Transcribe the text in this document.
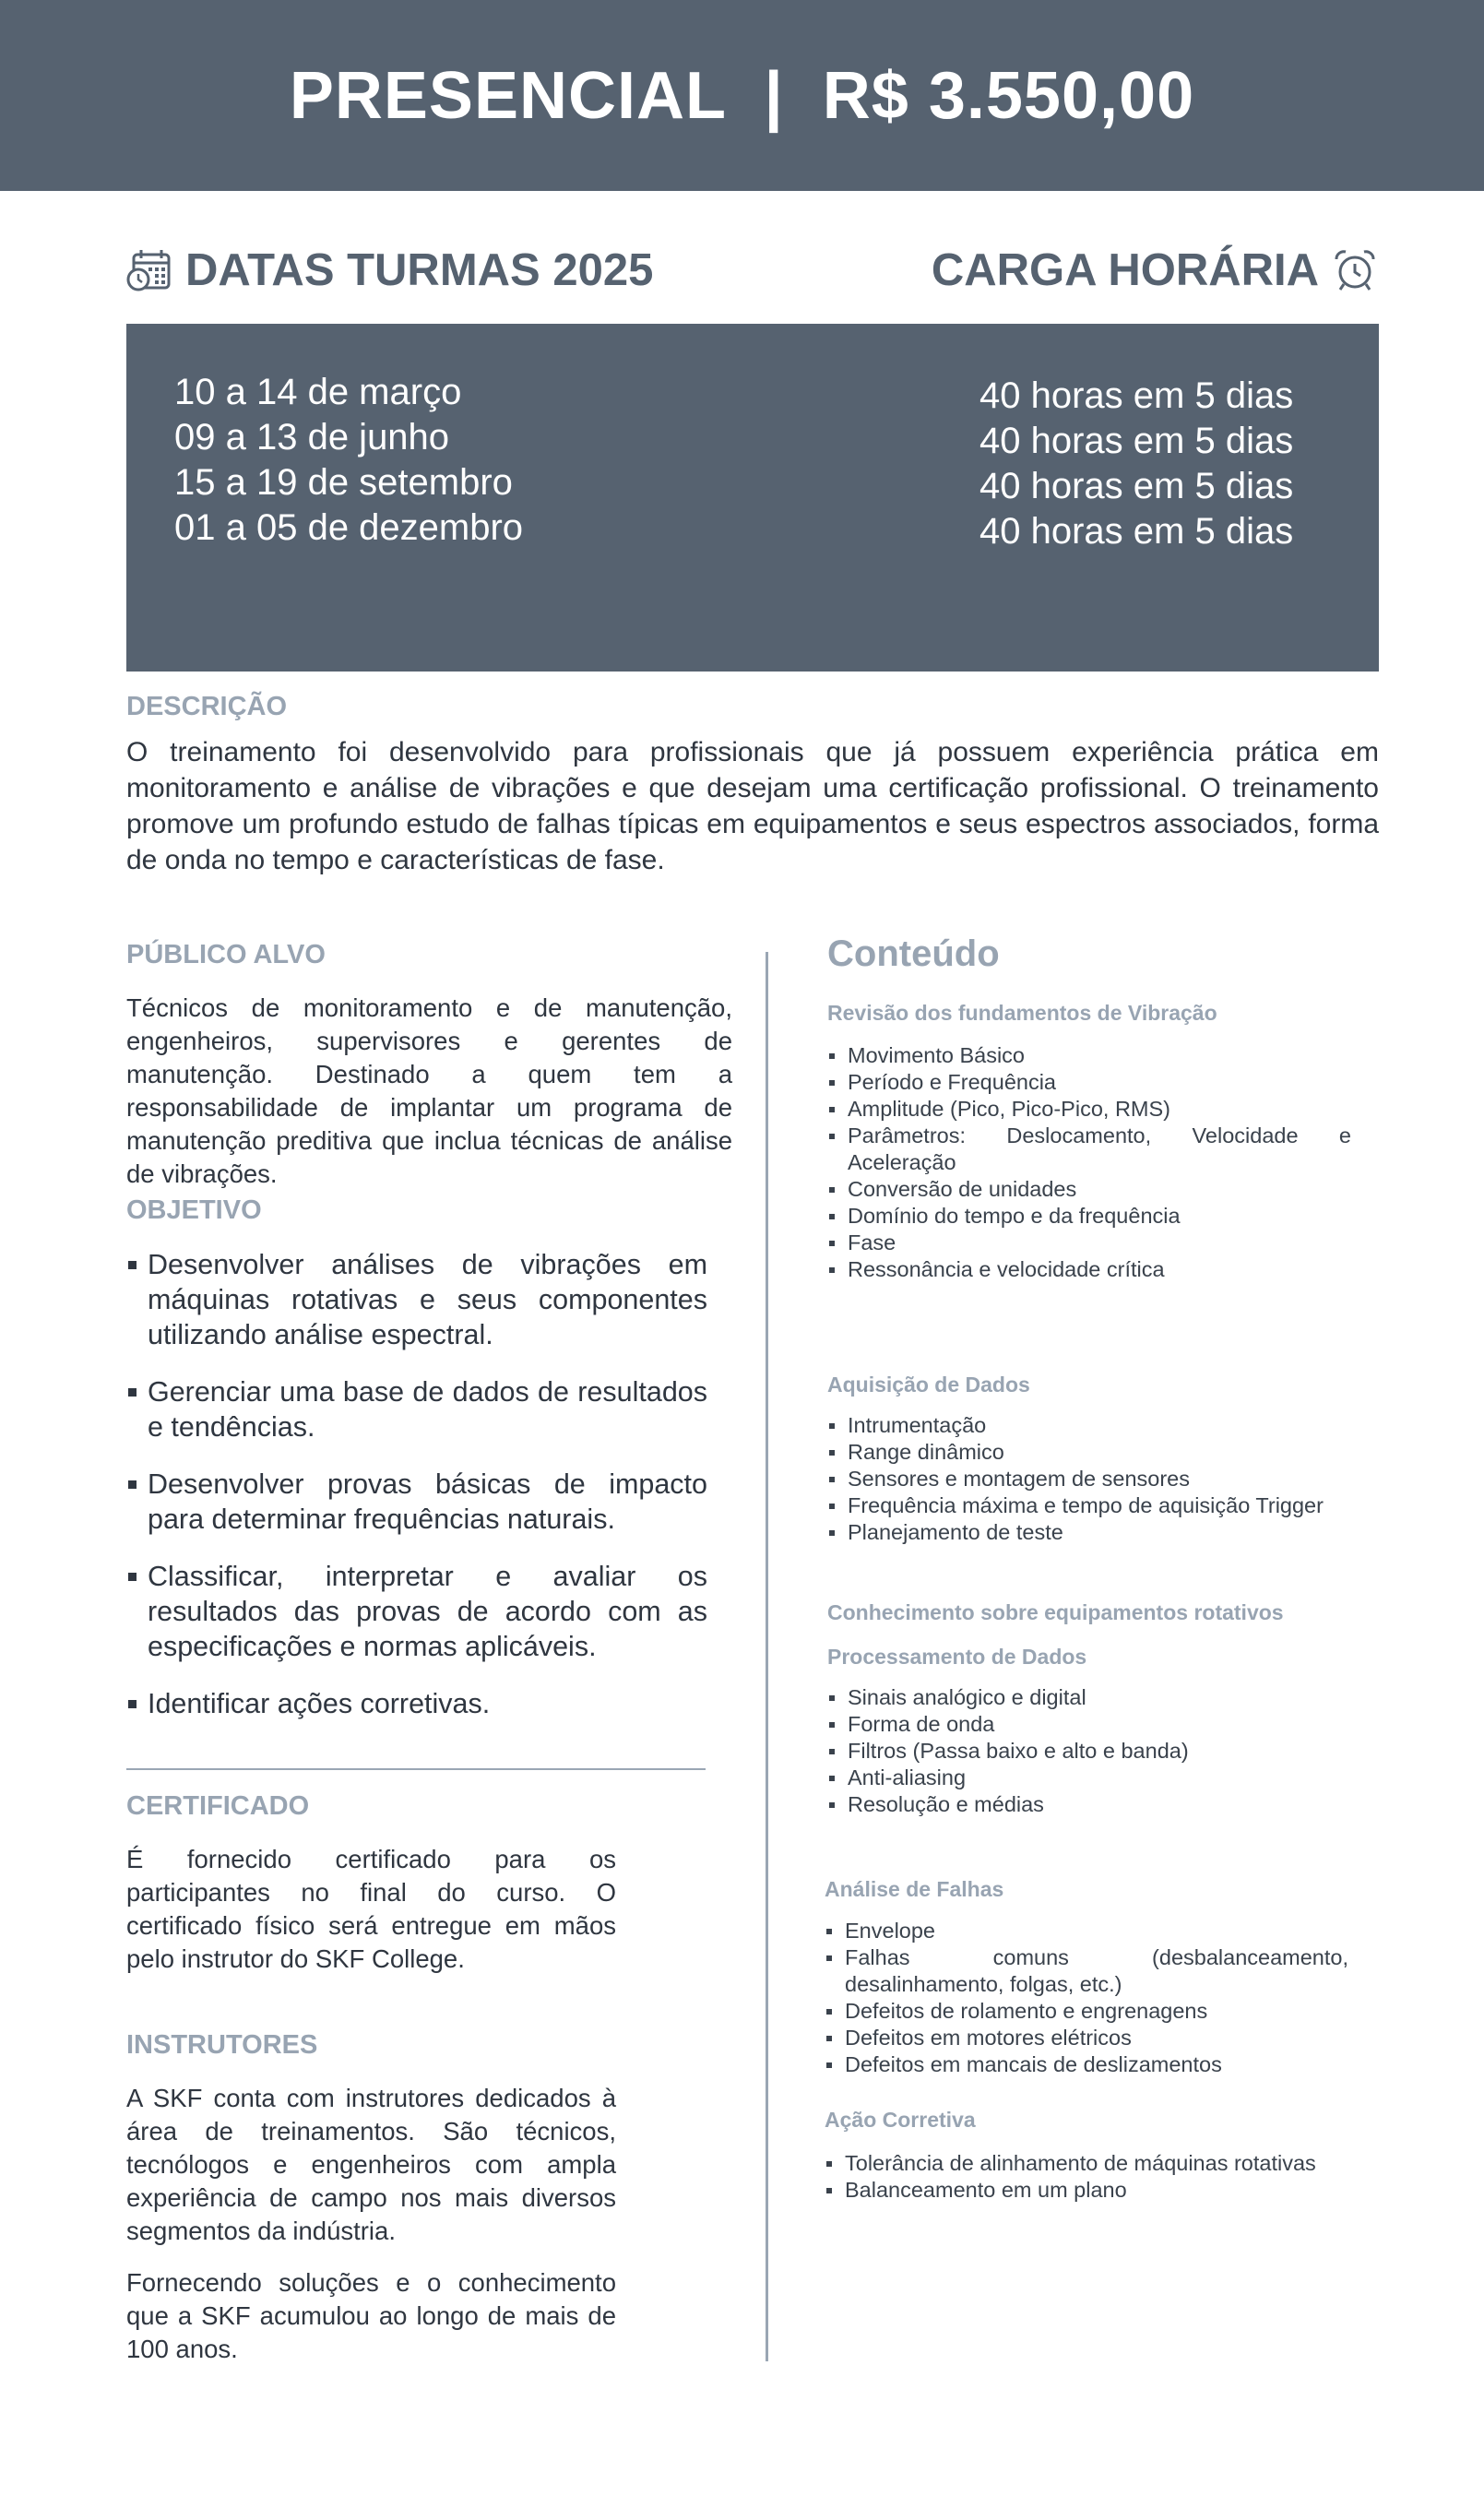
PRESENCIAL  |  R$ 3.550,00
DATAS TURMAS 2025	CARGA HORÁRIA
10 a 14 de março
09 a 13 de junho
15 a 19 de setembro
01 a 05 de dezembro
40 horas em 5 dias
40 horas em 5 dias
40 horas em 5 dias
40 horas em 5 dias
DESCRIÇÃO
O treinamento foi desenvolvido para profissionais que já possuem experiência prática em monitoramento e análise de vibrações e que desejam uma certificação profissional. O treinamento promove um profundo estudo de falhas típicas em equipamentos e seus espectros associados, forma de onda no tempo e características de fase.
PÚBLICO ALVO
Técnicos de monitoramento e de manutenção, engenheiros, supervisores e gerentes de manutenção. Destinado a quem tem a responsabilidade de implantar um programa de manutenção preditiva que inclua técnicas de análise de vibrações.
OBJETIVO
Desenvolver análises de vibrações em máquinas rotativas e seus componentes utilizando análise espectral.
Gerenciar uma base de dados de resultados e tendências.
Desenvolver provas básicas de impacto para determinar frequências naturais.
Classificar, interpretar e avaliar os resultados das provas de acordo com as especificações e normas aplicáveis.
Identificar ações corretivas.
CERTIFICADO
É fornecido certificado para os participantes no final do curso. O certificado físico será entregue em mãos pelo instrutor do SKF College.
INSTRUTORES
A SKF conta com instrutores dedicados à área de treinamentos. São técnicos, tecnólogos e engenheiros com ampla experiência de campo nos mais diversos segmentos da indústria.
Fornecendo soluções e o conhecimento que a SKF acumulou ao longo de mais de 100 anos.
Conteúdo
Revisão dos fundamentos de Vibração
Movimento Básico
Período e Frequência
Amplitude (Pico, Pico-Pico, RMS)
Parâmetros: Deslocamento, Velocidade e Aceleração
Conversão de unidades
Domínio do tempo e da frequência
Fase
Ressonância e velocidade crítica
Aquisição de Dados
Intrumentação
Range dinâmico
Sensores e montagem de sensores
Frequência máxima e tempo de aquisição Trigger
Planejamento de teste
Conhecimento sobre equipamentos rotativos
Processamento de Dados
Sinais analógico e digital
Forma de onda
Filtros (Passa baixo e alto e banda)
Anti-aliasing
Resolução e médias
Análise de Falhas
Envelope
Falhas comuns (desbalanceamento, desalinhamento, folgas, etc.)
Defeitos de rolamento e engrenagens
Defeitos em motores elétricos
Defeitos em mancais de deslizamentos
Ação Corretiva
Tolerância de alinhamento de máquinas rotativas
Balanceamento em um plano
